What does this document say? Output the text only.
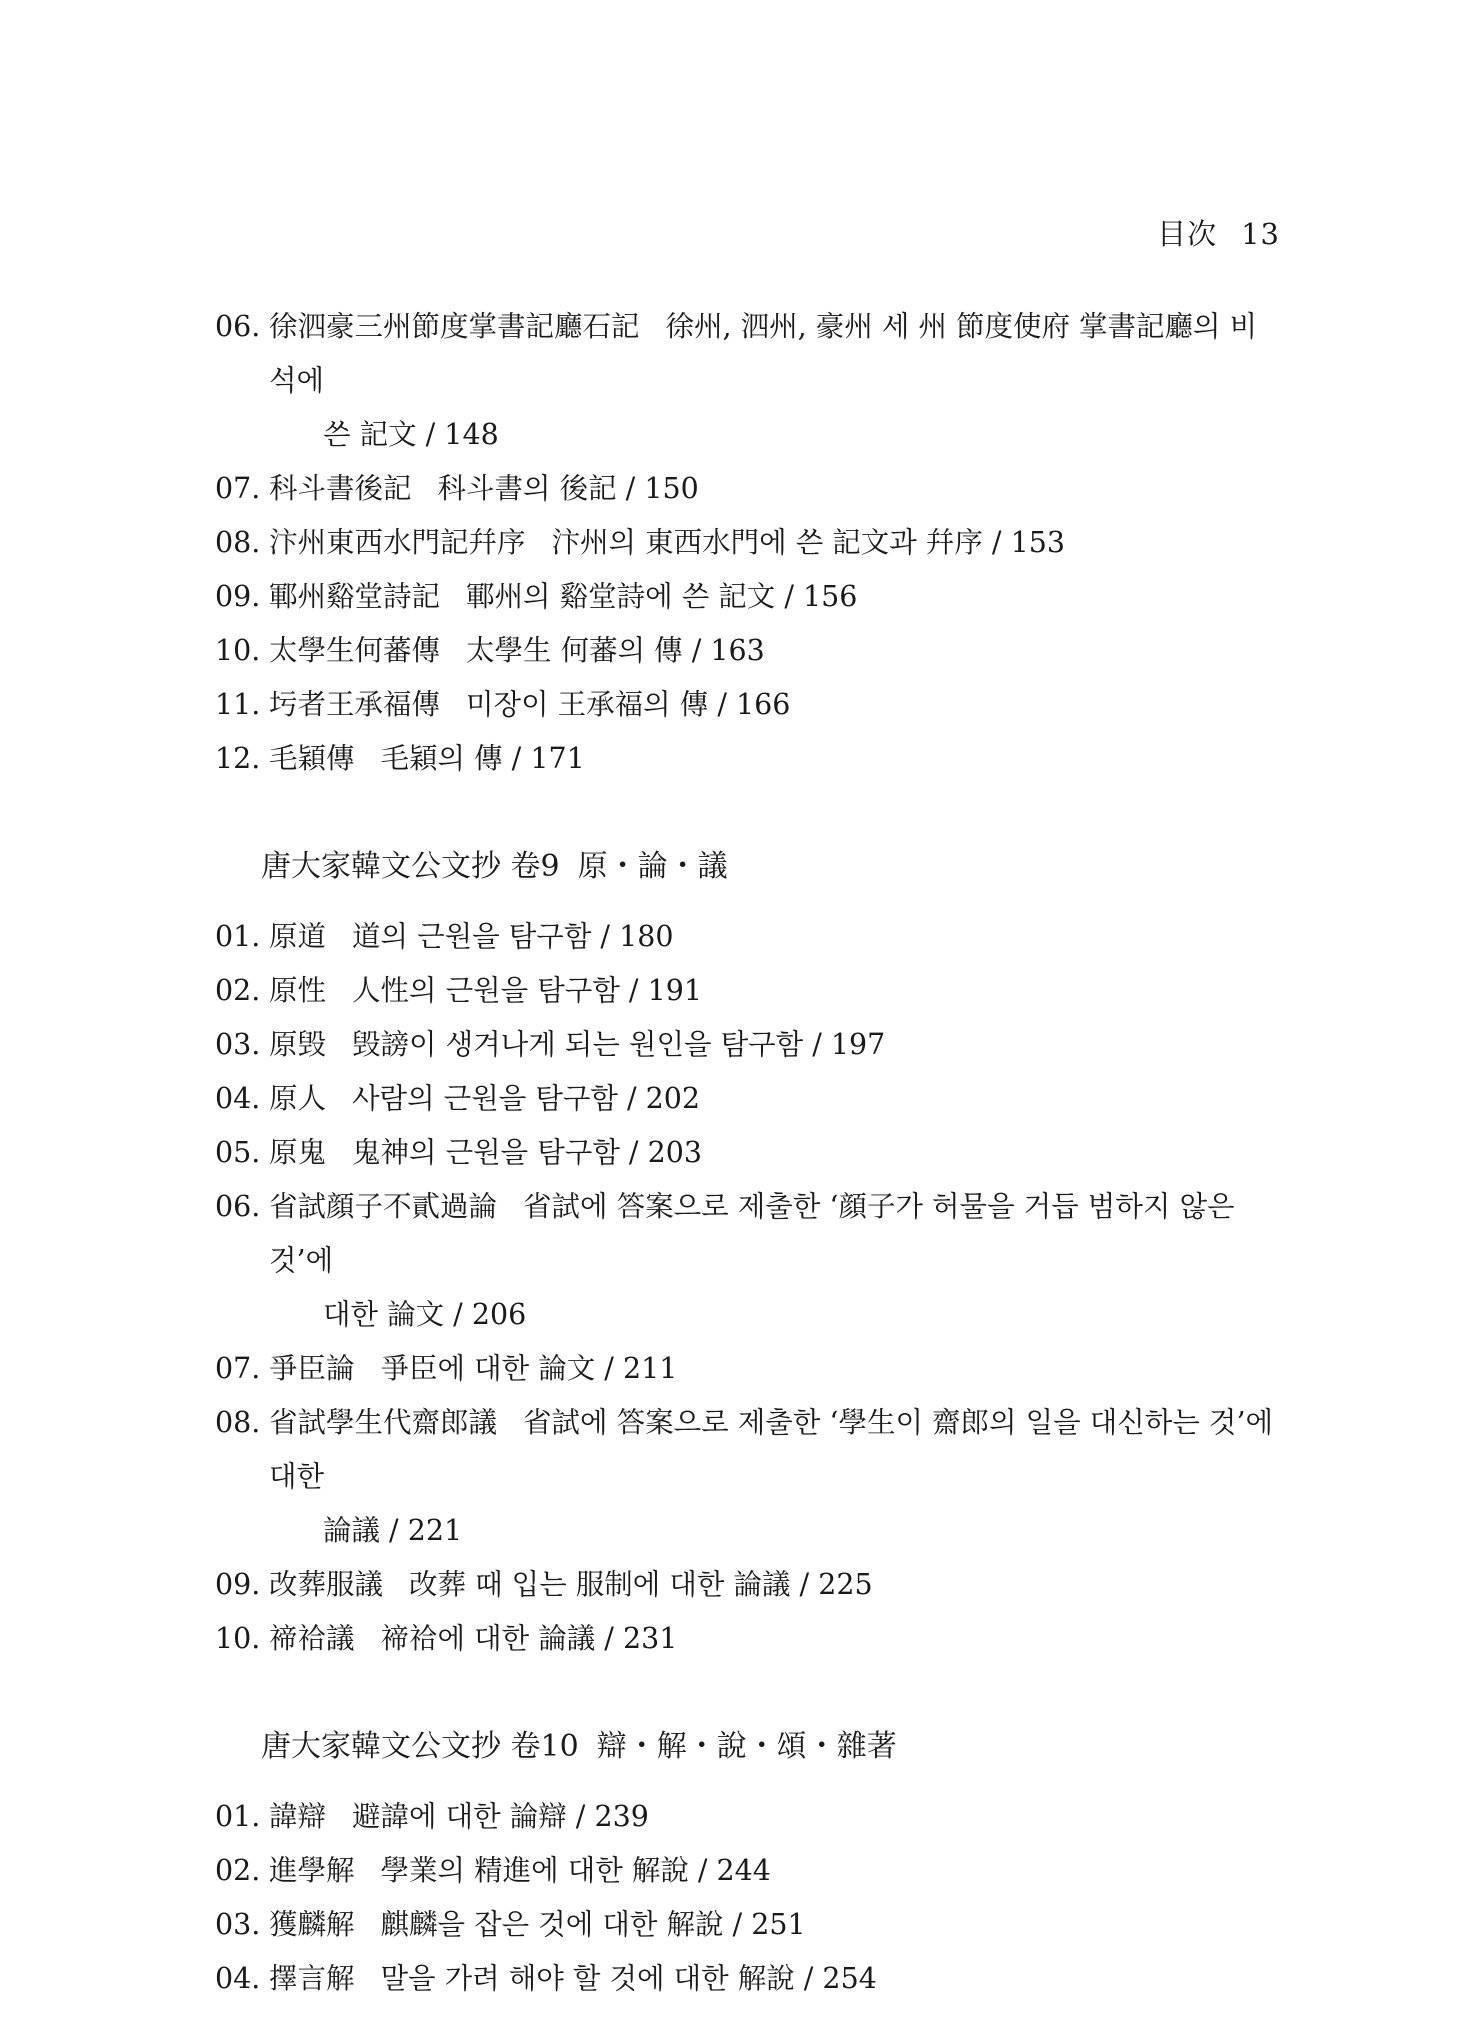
目次 13
06. 徐泗豪三州節度掌書記廳石記 徐州, 泗州, 豪州 세 州 節度使府 掌書記廳의 비석에
쓴 記文 / 148
07. 科斗書後記 科斗書의 後記 / 150
08. 汴州東西水門記幷序 汴州의 東西水門에 쓴 記文과 幷序 / 153
09. 鄆州谿堂詩記 鄆州의 谿堂詩에 쓴 記文 / 156
10. 太學生何蕃傳 太學生 何蕃의 傳 / 163
11. 圬者王承福傳 미장이 王承福의 傳 / 166
12. 毛穎傳 毛穎의 傳 / 171
唐大家韓文公文抄 卷9 原・論・議
01. 原道 道의 근원을 탐구함 / 180
02. 原性 人性의 근원을 탐구함 / 191
03. 原毁 毁謗이 생겨나게 되는 원인을 탐구함 / 197
04. 原人 사람의 근원을 탐구함 / 202
05. 原鬼 鬼神의 근원을 탐구함 / 203
06. 省試顔子不貳過論 省試에 答案으로 제출한 ‘顔子가 허물을 거듭 범하지 않은 것’에
대한 論文 / 206
07. 爭臣論 爭臣에 대한 論文 / 211
08. 省試學生代齋郎議 省試에 答案으로 제출한 ‘學生이 齋郎의 일을 대신하는 것’에 대한
論議 / 221
09. 改葬服議 改葬 때 입는 服制에 대한 論議 / 225
10. 禘祫議 禘祫에 대한 論議 / 231
唐大家韓文公文抄 卷10 辯・解・說・頌・雜著
01. 諱辯 避諱에 대한 論辯 / 239
02. 進學解 學業의 精進에 대한 解說 / 244
03. 獲麟解 麒麟을 잡은 것에 대한 解說 / 251
04. 擇言解 말을 가려 해야 할 것에 대한 解說 / 254
